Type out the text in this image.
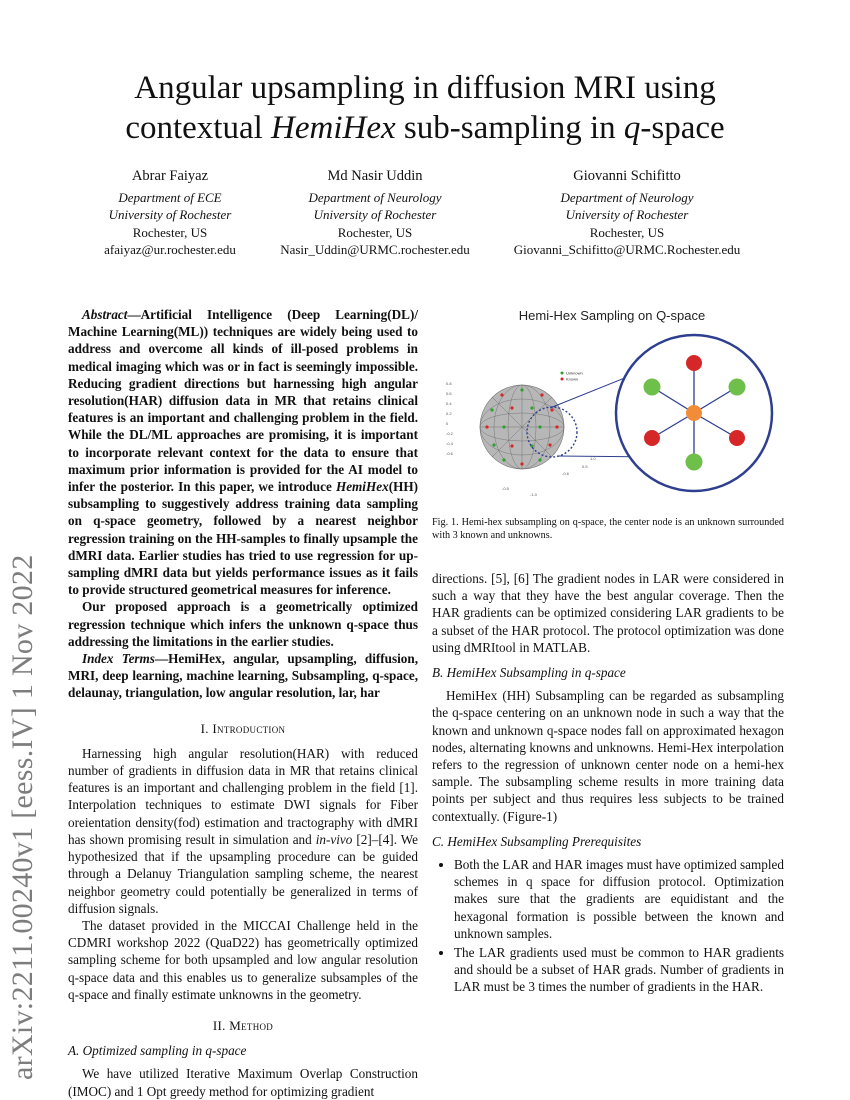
Angular upsampling in diffusion MRI using
contextual HemiHex sub-sampling in q-space
Abrar Faiyaz
Department of ECE
University of Rochester
Rochester, US
afaiyaz@ur.rochester.edu
Md Nasir Uddin
Department of Neurology
University of Rochester
Rochester, US
Nasir_Uddin@URMC.rochester.edu
Giovanni Schifitto
Department of Neurology
University of Rochester
Rochester, US
Giovanni_Schifitto@URMC.Rochester.edu
arXiv:2211.00240v1 [eess.IV] 1 Nov 2022

Abstract—Artificial Intelligence (Deep Learning(DL)/ Machine Learning(ML)) techniques are widely being used to address and overcome all kinds of ill-posed problems in medical imaging which was or in fact is seemingly impossible. Reducing gradient directions but harnessing high angular resolution(HAR) diffusion data in MR that retains clinical features is an important and challenging problem in the field. While the DL/ML approaches are promising, it is important to incorporate relevant context for the data to ensure that maximum prior information is provided for the AI model to infer the posterior. In this paper, we introduce HemiHex(HH) subsampling to suggestively address training data sampling on q-space geometry, followed by a nearest neighbor regression training on the HH-samples to finally upsample the dMRI data. Earlier studies has tried to use regression for up-sampling dMRI data but yields performance issues as it fails to provide structured geometrical measures for inference.

Our proposed approach is a geometrically optimized regression technique which infers the unknown q-space thus addressing the limitations in the earlier studies.

Index Terms—HemiHex, angular, upsampling, diffusion, MRI, deep learning, machine learning, Subsampling, q-space, delaunay, triangulation, low angular resolution, lar, har

I. Introduction

Harnessing high angular resolution(HAR) with reduced number of gradients in diffusion data in MR that retains clinical features is an important and challenging problem in the field [1]. Interpolation techniques to estimate DWI signals for Fiber oreientation density(fod) estimation and tractography with dMRI has shown promising result in simulation and in-vivo [2]–[4]. We hypothesized that if the upsampling procedure can be guided through a Delanuy Triangulation sampling scheme, the nearest neighbor geometry could potentially be generalized in terms of diffusion signals.

The dataset provided in the MICCAI Challenge held in the CDMRI workshop 2022 (QuaD22) has geometrically optimized sampling scheme for both upsampled and low angular resolution q-space data and this enables us to generalize subsamples of the q-space and finally estimate unknowns in the geometry.

II. Method
A. Optimized sampling in q-space

We have utilized Iterative Maximum Overlap Construction (IMOC) and 1 Opt greedy method for optimizing gradient

Hemi-Hex Sampling on Q-space
0.8
0.6
0.4
0.2
0
-0.2
-0.4
-0.6
Unknown
Known
-0.5
-1.0
-0.6
0.5
1.0
Fig. 1. Hemi-hex subsampling on q-space, the center node is an unknown surrounded with 3 known and unknowns.

directions. [5], [6] The gradient nodes in LAR were considered in such a way that they have the best angular coverage. Then the HAR gradients can be optimized considering LAR gradients to be a subset of the HAR protocol. The protocol optimization was done using dMRItool in MATLAB.

B. HemiHex Subsampling in q-space

HemiHex (HH) Subsampling can be regarded as subsampling the q-space centering on an unknown node in such a way that the known and unknown q-space nodes fall on approximated hexagon nodes, alternating knowns and unknowns. Hemi-Hex interpolation refers to the regression of unknown center node on a hemi-hex sample. The subsampling scheme results in more training data points per subject and thus requires less subjects to be trained contextually. (Figure-1)

C. HemiHex Subsampling Prerequisites
• Both the LAR and HAR images must have optimized sampled schemes in q space for diffusion protocol. Optimization makes sure that the gradients are equidistant and the hexagonal formation is possible between the known and unknown samples.
• The LAR gradients used must be common to HAR gradients and should be a subset of HAR grads. Number of gradients in LAR must be 3 times the number of gradients in the HAR.
